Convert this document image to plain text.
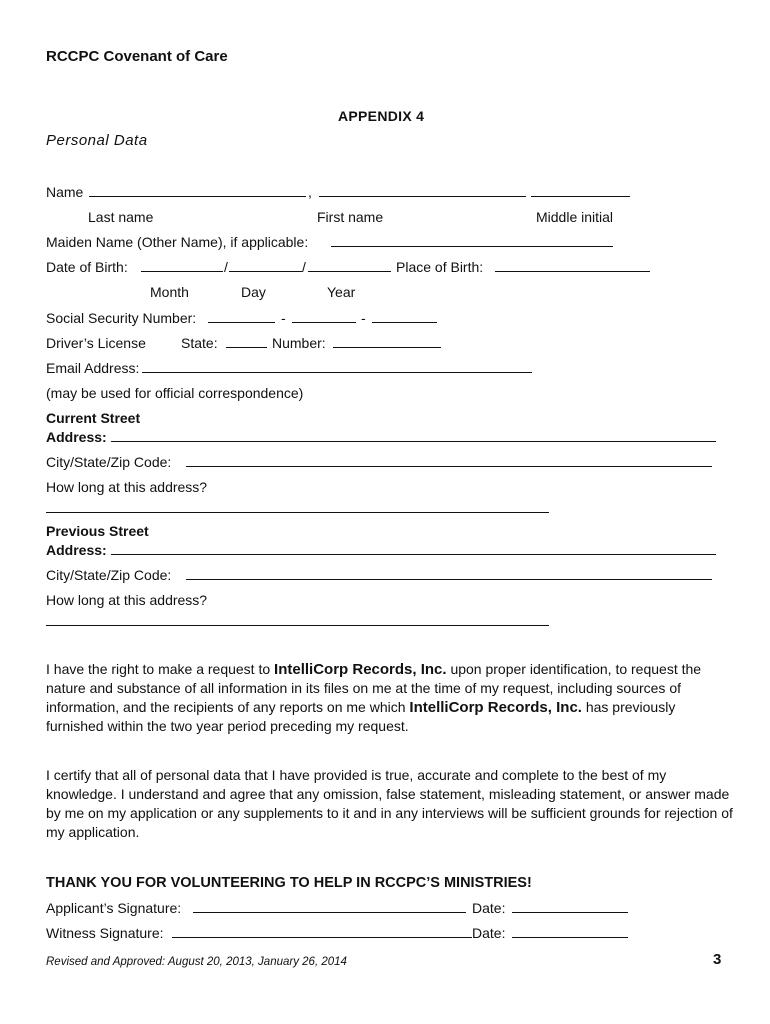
RCCPC Covenant of Care
APPENDIX 4
Personal Data
Name	,
Last name	First name	Middle initial
Maiden Name (Other Name), if applicable:
Date of Birth:	/	/	Place of Birth:
Month	Day	Year
Social Security Number:	-	-
Driver’s License	State:	Number:
Email Address:
(may be used for official correspondence)
Current Street
Address:
City/State/Zip Code:
How long at this address?
Previous Street
Address:
City/State/Zip Code:
How long at this address?
I have the right to make a request to IntelliCorp Records, Inc. upon proper identification, to request the nature and substance of all information in its files on me at the time of my request, including sources of information, and the recipients of any reports on me which IntelliCorp Records, Inc. has previously furnished within the two year period preceding my request.
I certify that all of personal data that I have provided is true, accurate and complete to the best of my knowledge. I understand and agree that any omission, false statement, misleading statement, or answer made by me on my application or any supplements to it and in any interviews will be sufficient grounds for rejection of my application.
THANK YOU FOR VOLUNTEERING TO HELP IN RCCPC’S MINISTRIES!
Applicant’s Signature:	Date:
Witness Signature:	Date:
Revised and Approved: August 20, 2013, January 26, 2014	3
